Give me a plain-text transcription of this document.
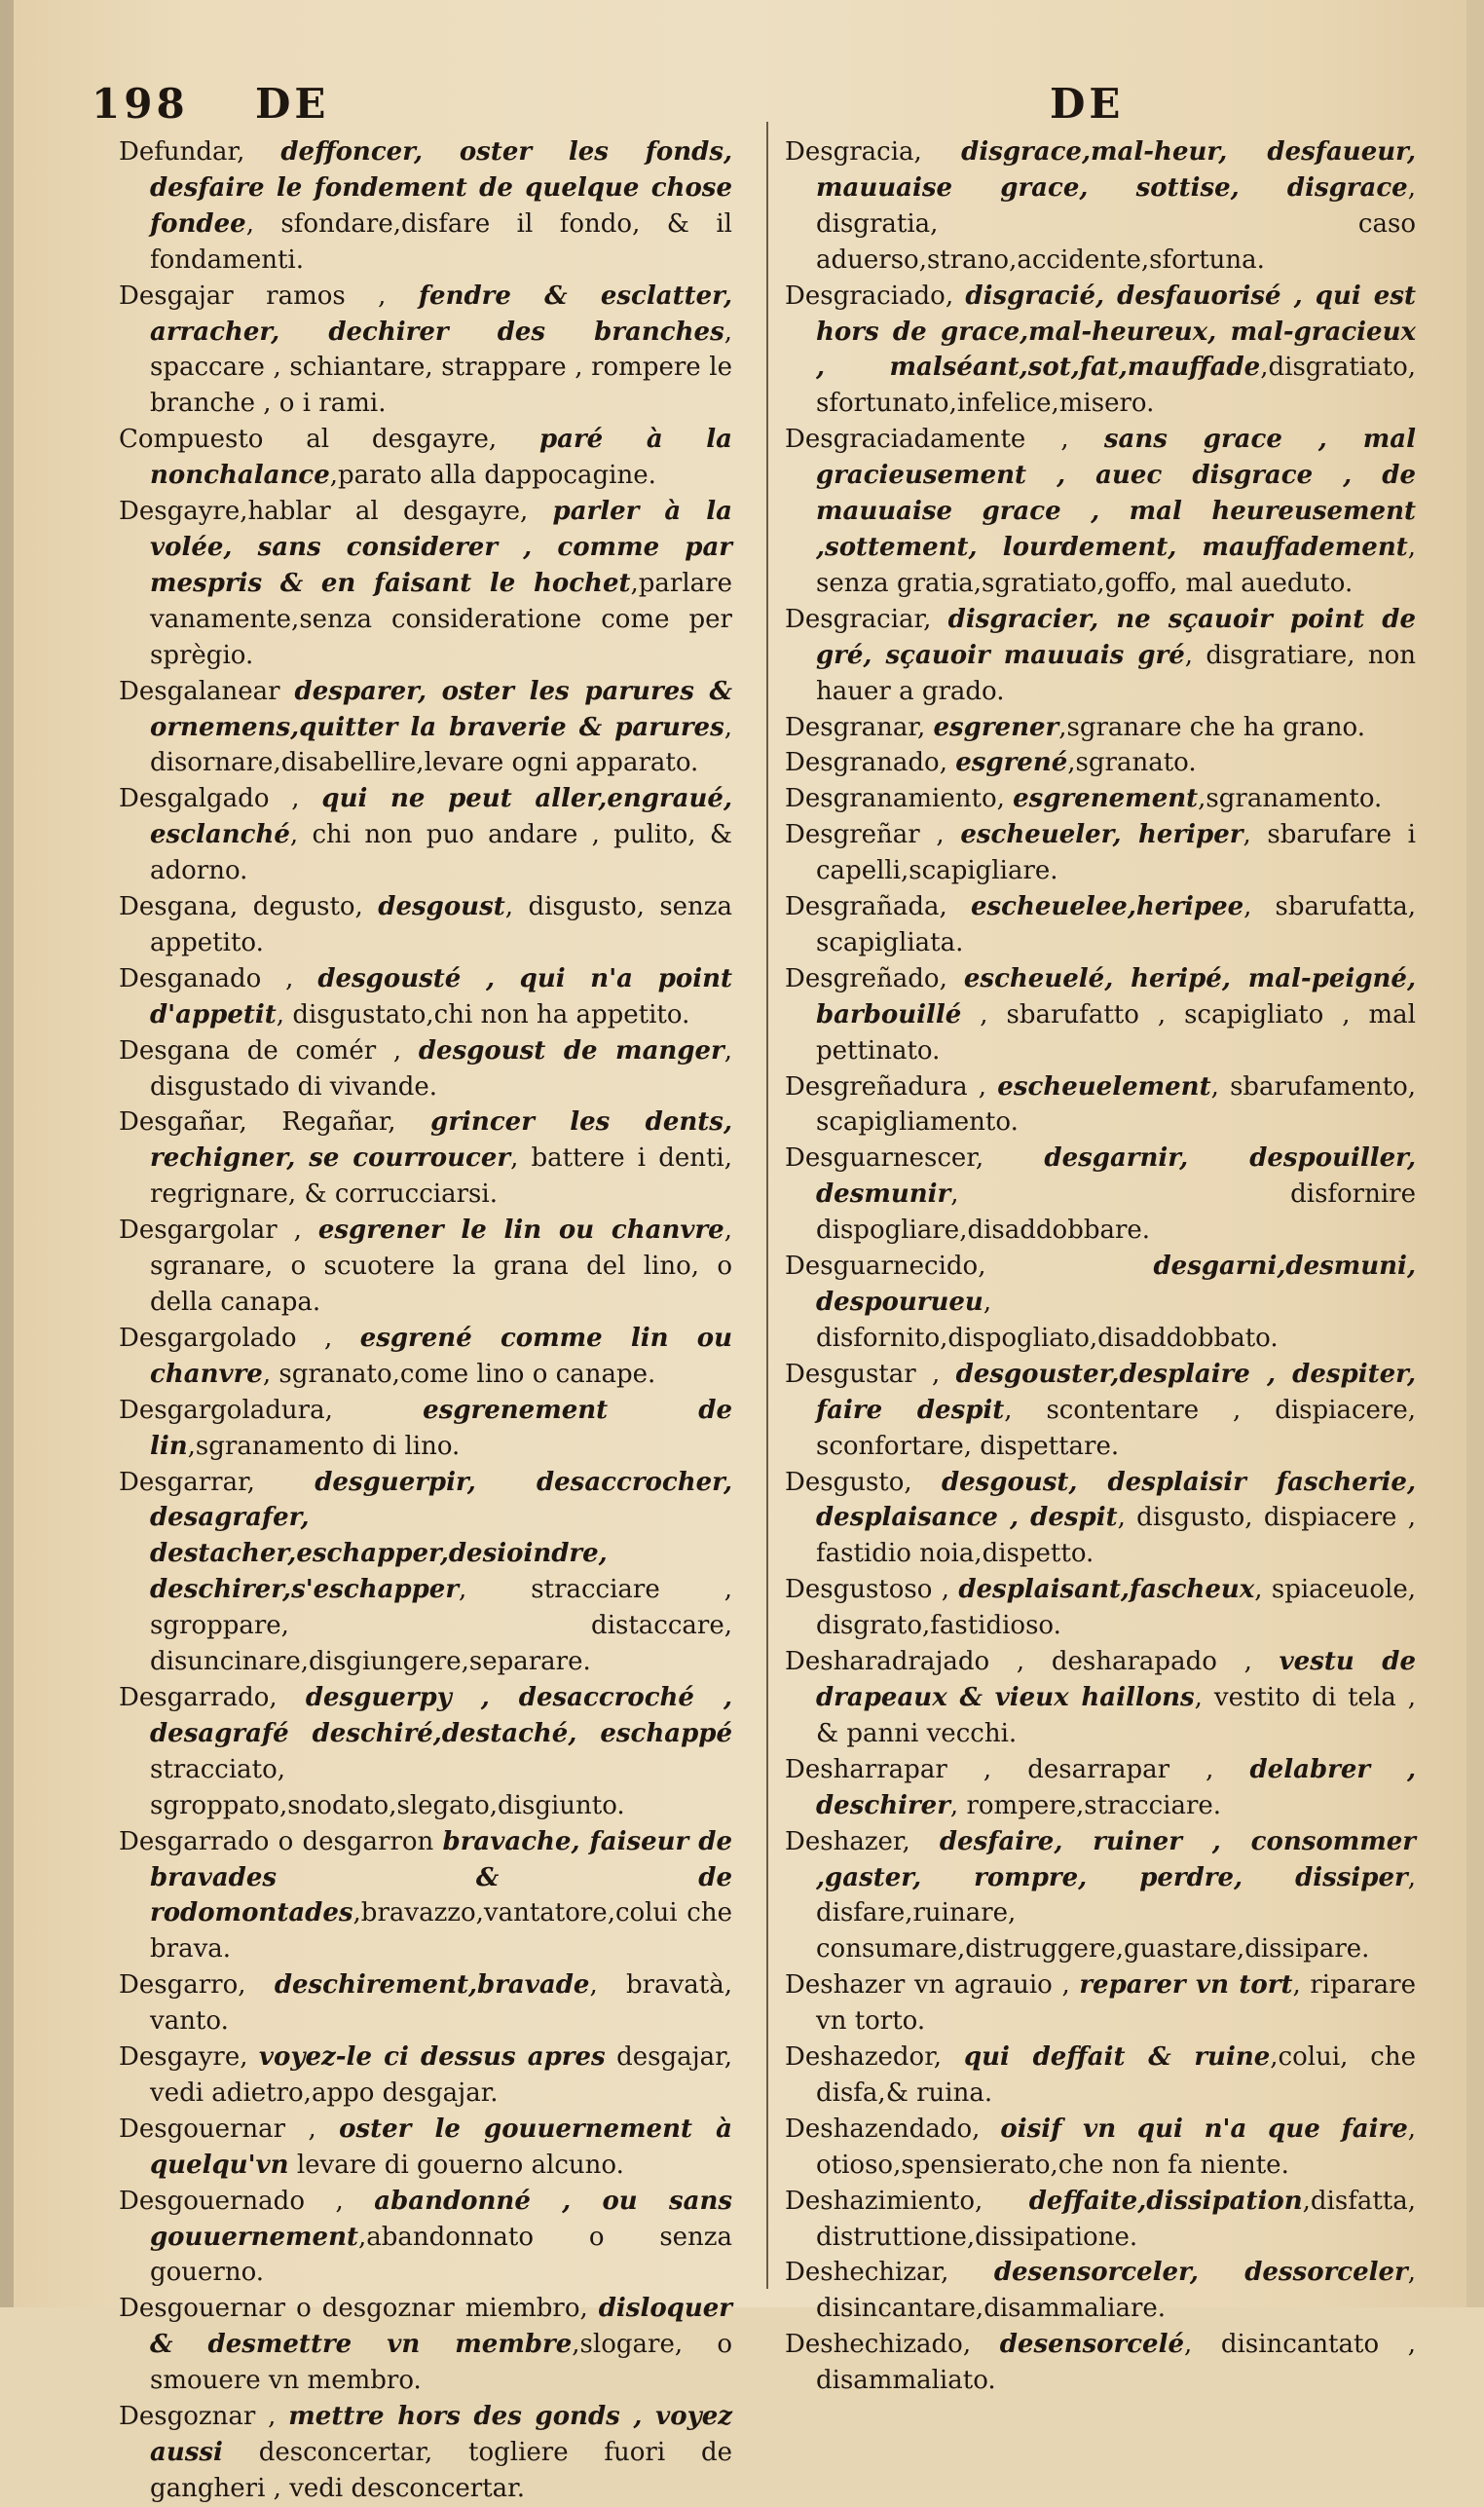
198 DE	DE

Defundar, deffoncer, oster les fonds, desfaire le fondement de quelque chose fondee, sfondare,disfare il fondo, & il fondamenti.

Desgajar ramos , fendre & esclatter, arracher, dechirer des branches, spaccare , schiantare, strappare , rompere le branche , o i rami.

Compuesto al desgayre, paré à la nonchalance,parato alla dappocagine.

Desgayre,hablar al desgayre, parler à la volée, sans considerer , comme par mespris & en faisant le hochet,parlare vanamente,senza consideratione come per sprègio.

Desgalanear desparer, oster les parures & ornemens,quitter la braverie & parures, disornare,disabellire,levare ogni apparato.

Desgalgado , qui ne peut aller,engraué, esclanché, chi non puo andare , pulito, & adorno.

Desgana, degusto, desgoust, disgusto, senza appetito.

Desganado , desgousté , qui n'a point d'appetit, disgustato,chi non ha appetito.

Desgana de comér , desgoust de manger, disgustado di vivande.

Desgañar, Regañar, grincer les dents, rechigner, se courroucer, battere i denti, regrignare, & corrucciarsi.

Desgargolar , esgrener le lin ou chanvre, sgranare, o scuotere la grana del lino, o della canapa.

Desgargolado , esgrené comme lin ou chanvre, sgranato,come lino o canape.

Desgargoladura,	esgrenement de lin,sgranamento di lino.

Desgarrar, desguerpir, desaccrocher, desagrafer, destacher,eschapper,desioindre, deschirer,s'eschapper, stracciare , sgroppare, distaccare, disuncinare,disgiungere,separare.

Desgarrado, desguerpy , desaccroché , desagrafé deschiré,destaché, eschappé stracciato, sgroppato,snodato,slegato,disgiunto.

Desgarrado o desgarron bravache, faiseur de bravades & de rodomontades,bravazzo,vantatore,colui che brava.

Desgarro, deschirement,bravade, bravatà, vanto.

Desgayre, voyez-le ci dessus apres desgajar, vedi adietro,appo desgajar.

Desgouernar , oster le gouuernement à quelqu'vn levare di gouerno alcuno.

Desgouernado , abandonné , ou sans gouuernement,abandonnato o senza gouerno.

Desgouernar o desgoznar miembro, disloquer & desmettre vn membre,slogare, o smouere vn membro.

Desgoznar , mettre hors des gonds , voyez aussi desconcertar, togliere fuori de gangheri , vedi desconcertar.

Desgracia, disgrace,mal-heur, desfaueur, mauuaise grace, sottise, disgrace, disgratia, caso aduerso,strano,accidente,sfortuna.

Desgraciado, disgracié, desfauorisé , qui est hors de grace,mal-heureux, mal-gracieux , malséant,sot,fat,mauffade,disgratiato, sfortunato,infelice,misero.

Desgraciadamente , sans grace , mal gracieusement , auec disgrace , de mauuaise grace , mal heureusement ,sottement, lourdement, mauffadement, senza gratia,sgratiato,goffo, mal aueduto.

Desgraciar, disgracier, ne sçauoir point de gré, sçauoir mauuais gré, disgratiare, non hauer a grado.

Desgranar, esgrener,sgranare che ha grano.

Desgranado, esgrené,sgranato.

Desgranamiento, esgrenement,sgranamento.

Desgreñar , escheueler, heriper, sbarufare i capelli,scapigliare.

Desgrañada, escheuelee,heripee, sbarufatta, scapigliata.

Desgreñado, escheuelé, heripé, mal-peigné, barbouillé , sbarufatto , scapigliato , mal pettinato.

Desgreñadura , escheuelement, sbarufamento, scapigliamento.

Desguarnescer, desgarnir, despouiller, desmunir, disfornire dispogliare,disaddobbare.

Desguarnecido,	desgarni,desmuni, despourueu, disfornito,dispogliato,disaddobbato.

Desgustar , desgouster,desplaire , despiter, faire despit, scontentare , dispiacere, sconfortare, dispettare.

Desgusto, desgoust, desplaisir fascherie, desplaisance , despit, disgusto, dispiacere , fastidio noia,dispetto.

Desgustoso , desplaisant,fascheux, spiaceuole, disgrato,fastidioso.

Desharadrajado , desharapado , vestu de drapeaux & vieux haillons, vestito di tela , & panni vecchi.

Desharrapar , desarrapar , delabrer , deschirer, rompere,stracciare.

Deshazer, desfaire, ruiner , consommer ,gaster, rompre, perdre, dissiper, disfare,ruinare, consumare,distruggere,guastare,dissipare.

Deshazer vn agrauio , reparer vn tort, riparare vn torto.

Deshazedor, qui deffait & ruine,colui, che disfa,& ruina.

Deshazendado, oisif vn qui n'a que faire, otioso,spensierato,che non fa niente.

Deshazimiento, deffaite,dissipation,disfatta, distruttione,dissipatione.

Deshechizar, desensorceler, dessorceler, disincantare,disammaliare.

Deshechizado, desensorcelé, disincantato , disammaliato.
